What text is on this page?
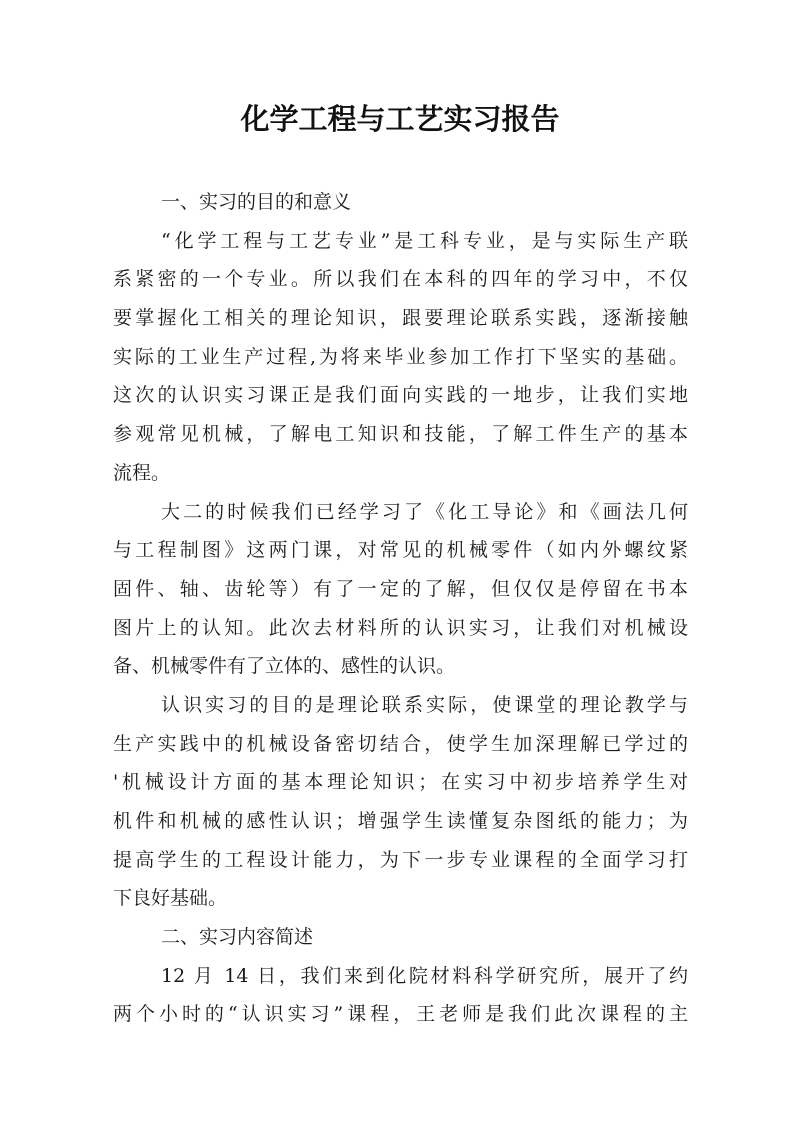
化学工程与工艺实习报告
一、实习的目的和意义
“化学工程与工艺专业”是工科专业，是与实际生产联
系紧密的一个专业。所以我们在本科的四年的学习中，不仅
要掌握化工相关的理论知识，跟要理论联系实践，逐渐接触
实际的工业生产过程,为将来毕业参加工作打下坚实的基础。
这次的认识实习课正是我们面向实践的一地步，让我们实地
参观常见机械，了解电工知识和技能，了解工件生产的基本
流程。
大二的时候我们已经学习了《化工导论》和《画法几何
与工程制图》这两门课，对常见的机械零件（如内外螺纹紧
固件、轴、齿轮等）有了一定的了解，但仅仅是停留在书本
图片上的认知。此次去材料所的认识实习，让我们对机械设
备、机械零件有了立体的、感性的认识。
认识实习的目的是理论联系实际，使课堂的理论教学与
生产实践中的机械设备密切结合，使学生加深理解已学过的
'机械设计方面的基本理论知识；在实习中初步培养学生对
机件和机械的感性认识；增强学生读懂复杂图纸的能力；为
提高学生的工程设计能力，为下一步专业课程的全面学习打
下良好基础。
二、实习内容简述
12 月 14 日，我们来到化院材料科学研究所，展开了约
两个小时的“认识实习”课程，王老师是我们此次课程的主
